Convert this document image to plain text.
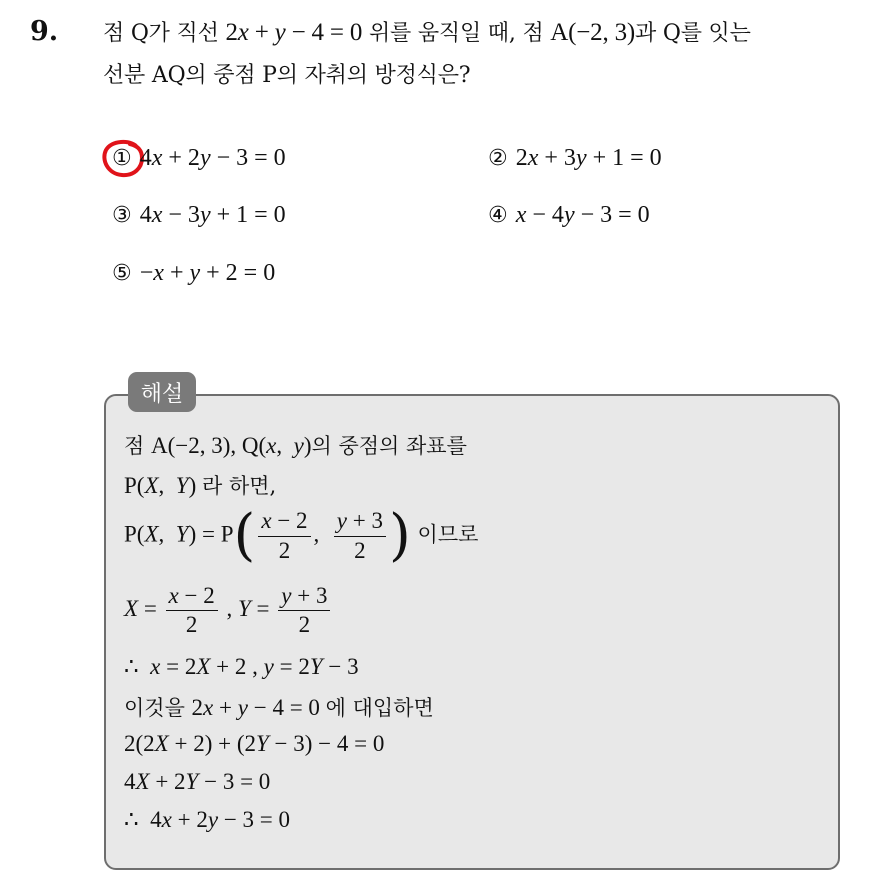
9. 점 Q가 직선 2x + y − 4 = 0 위를 움직일 때, 점 A(−2, 3)과 Q를 잇는
선분 AQ의 중점 P의 자취의 방정식은?
① 4x + 2y − 3 = 0	② 2x + 3y + 1 = 0
③ 4x − 3y + 1 = 0	④ x − 4y − 3 = 0
⑤ −x + y + 2 = 0
해설
점 A(−2, 3), Q(x,  y)의 중점의 좌표를
P(X,  Y) 라 하면,
P(X,  $Y) = P( \frac{x - 2}{2}$ , $\frac{y + 3}{2}$ ) 이므로
$X = \frac{x - 2}{2}$ , $Y = \frac{y + 3}{2}$
∴  x = 2X + 2 , y = 2Y − 3
이것을 2x + y − 4 = 0 에 대입하면
2(2X + 2) + (2Y − 3) − 4 = 0
4X + 2Y − 3 = 0
∴  4x + 2y − 3 = 0
